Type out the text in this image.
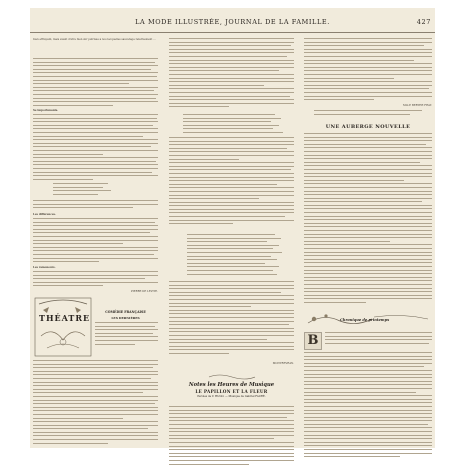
LA MODE ILLUSTRÉE, JOURNAL DE LA FAMILLE.	427
bien effrayant, mais avant d'être bien sûr pétrissé à nos lacquelles sauvetage relativement ...
Se importunants.
Les différences.
Les ramoneurs.
PIERRE DE LEVITE.
THÉATRE
COMÉDIE FRANÇAISE
LES DERNIÈRES
MONTREVRAN.
Notes les Heures de Musique
LE PAPILLON ET LA FLEUR
Paroles de V. HUGO. — Musique de Gabriel FAURÉ.
MLLE BERTHE FRAY.
UNE AUBERGE NOUVELLE
Chronique de printemps
B
